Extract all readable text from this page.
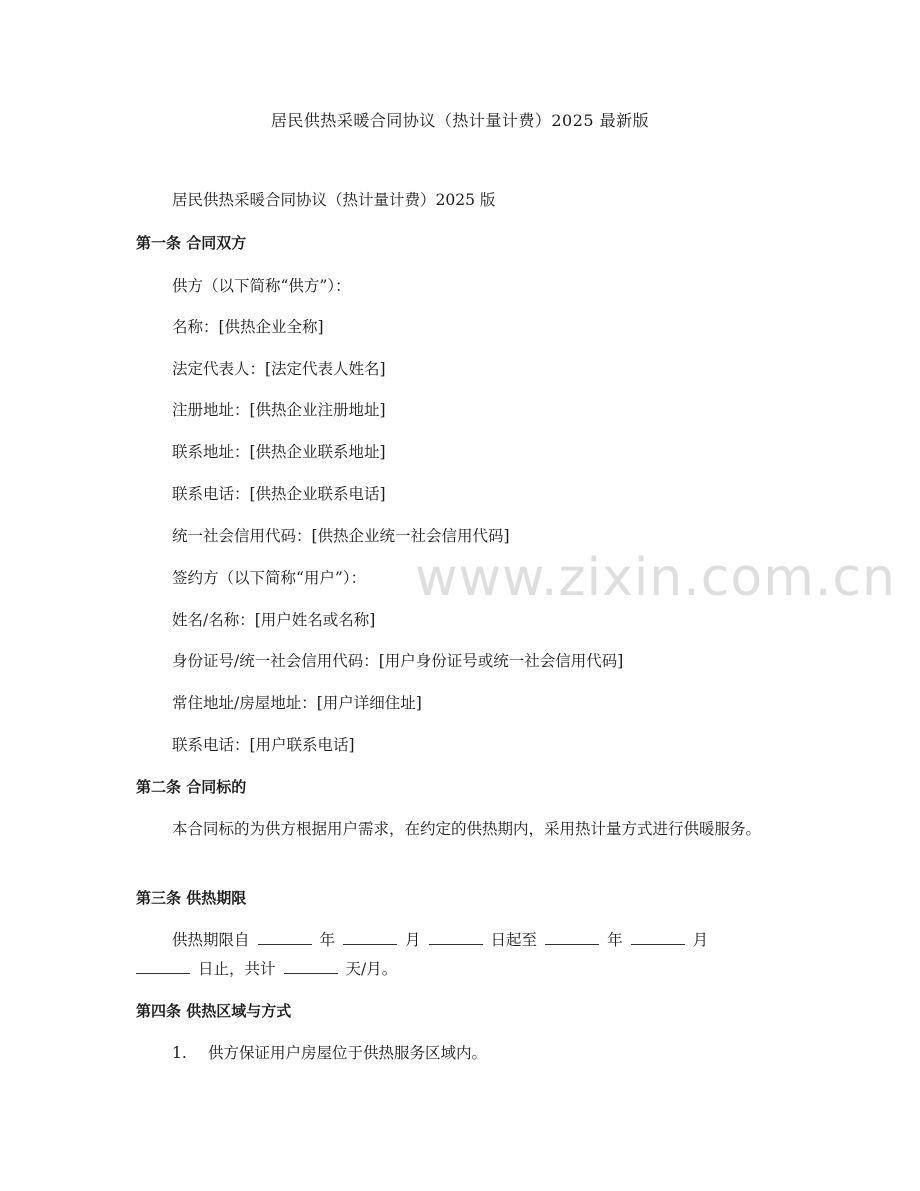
www.zixin.com.cn
居民供热采暖合同协议（热计量计费）2025 最新版
居民供热采暖合同协议（热计量计费）2025 版
第一条 合同双方
供方（以下简称“供方”）：
名称：[供热企业全称]
法定代表人：[法定代表人姓名]
注册地址：[供热企业注册地址]
联系地址：[供热企业联系地址]
联系电话：[供热企业联系电话]
统一社会信用代码：[供热企业统一社会信用代码]
签约方（以下简称“用户”）：
姓名/名称：[用户姓名或名称]
身份证号/统一社会信用代码：[用户身份证号或统一社会信用代码]
常住地址/房屋地址：[用户详细住址]
联系电话：[用户联系电话]
第二条 合同标的
本合同标的为供方根据用户需求，在约定的供热期内，采用热计量方式进行供暖服务。
第三条 供热期限
供热期限自	年	月	日起至	年	月
日止，共计	天/月。
第四条 供热区域与方式
1. 供方保证用户房屋位于供热服务区域内。
